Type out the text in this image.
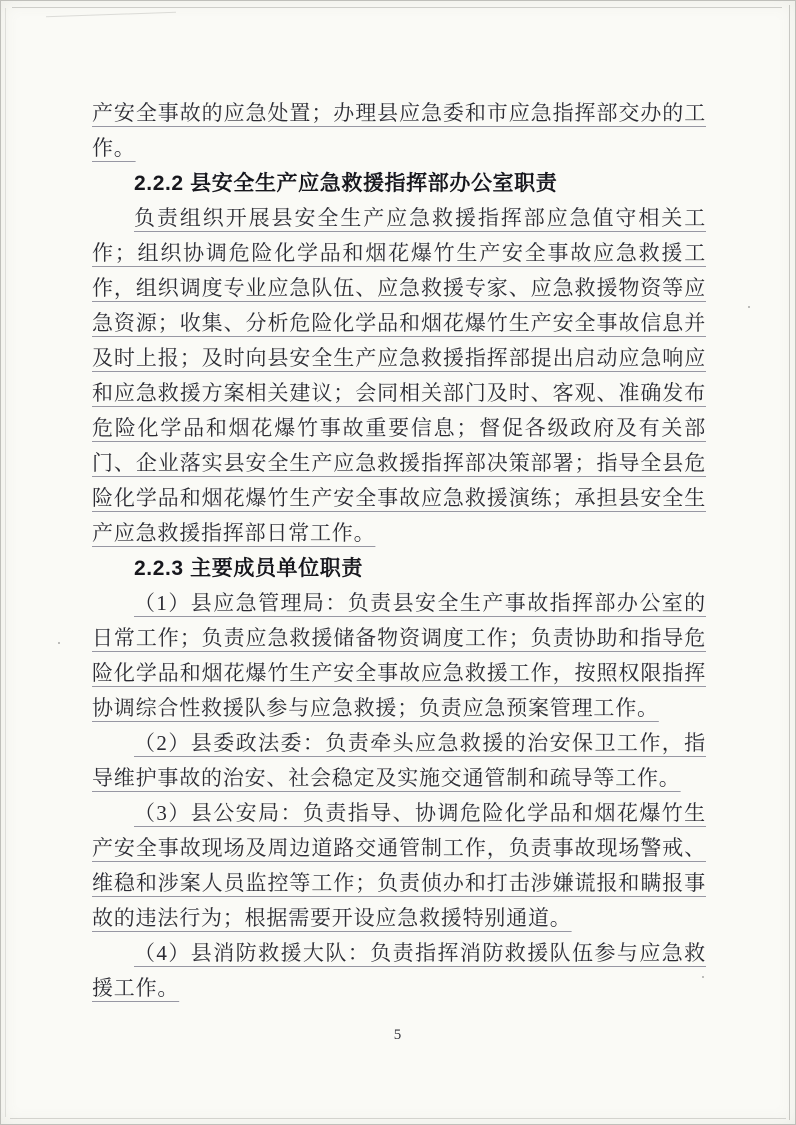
产安全事故的应急处置；办理县应急委和市应急指挥部交办的工作。

2.2.2 县安全生产应急救援指挥部办公室职责

负责组织开展县安全生产应急救援指挥部应急值守相关工作；组织协调危险化学品和烟花爆竹生产安全事故应急救援工作，组织调度专业应急队伍、应急救援专家、应急救援物资等应急资源；收集、分析危险化学品和烟花爆竹生产安全事故信息并及时上报；及时向县安全生产应急救援指挥部提出启动应急响应和应急救援方案相关建议；会同相关部门及时、客观、准确发布危险化学品和烟花爆竹事故重要信息；督促各级政府及有关部门、企业落实县安全生产应急救援指挥部决策部署；指导全县危险化学品和烟花爆竹生产安全事故应急救援演练；承担县安全生产应急救援指挥部日常工作。

2.2.3 主要成员单位职责

（1）县应急管理局：负责县安全生产事故指挥部办公室的日常工作；负责应急救援储备物资调度工作；负责协助和指导危险化学品和烟花爆竹生产安全事故应急救援工作，按照权限指挥协调综合性救援队参与应急救援；负责应急预案管理工作。

（2）县委政法委：负责牵头应急救援的治安保卫工作，指导维护事故的治安、社会稳定及实施交通管制和疏导等工作。

（3）县公安局：负责指导、协调危险化学品和烟花爆竹生产安全事故现场及周边道路交通管制工作，负责事故现场警戒、维稳和涉案人员监控等工作；负责侦办和打击涉嫌谎报和瞒报事故的违法行为；根据需要开设应急救援特别通道。

（4）县消防救援大队：负责指挥消防救援队伍参与应急救援工作。

5
